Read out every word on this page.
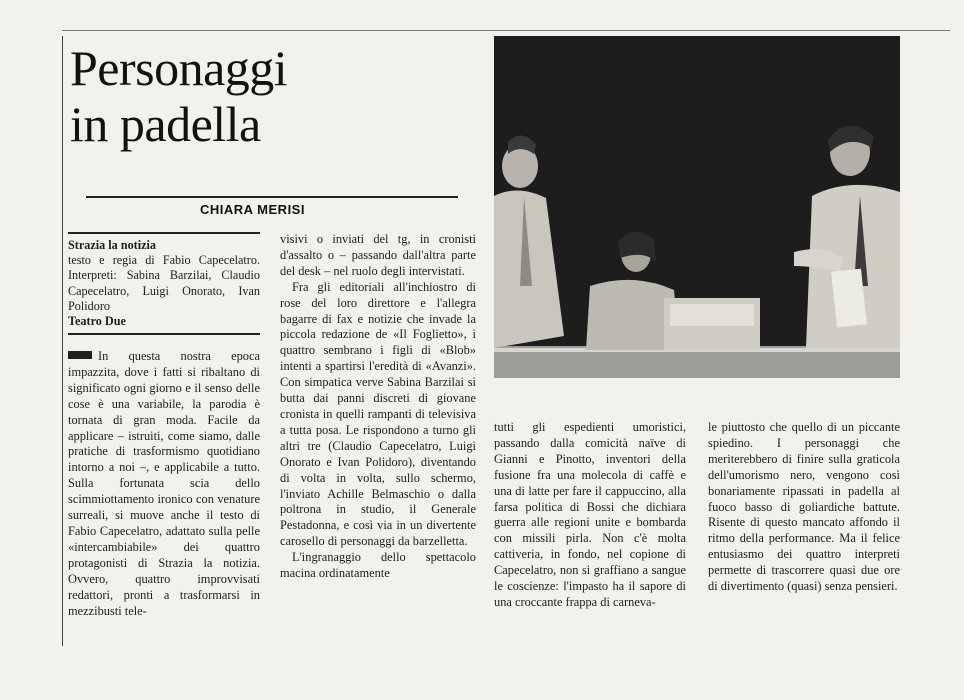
Personaggi
in padella
CHIARA MERISI
Strazia la notizia
testo e regia di Fabio Capecelatro. Interpreti: Sabina Barzilai, Claudio Capecelatro, Luigi Onorato, Ivan Polidoro
Teatro Due

In questa nostra epoca impazzita, dove i fatti si ribaltano di significato ogni giorno e il senso delle cose è una variabile, la parodia è tornata di gran moda. Facile da applicare – istruiti, come siamo, dalle pratiche di trasformismo quotidiano intorno a noi –, e applicabile a tutto. Sulla fortunata scia dello scimmiottamento ironico con venature surreali, si muove anche il testo di Fabio Capecelatro, adattato sulla pelle «intercambiabile» dei quattro protagonisti di Strazia la notizia. Ovvero, quattro improvvisati redattori, pronti a trasformarsi in mezzibusti tele-

visivi o inviati del tg, in cronisti d'assalto o – passando dall'altra parte del desk – nel ruolo degli intervistati.

Fra gli editoriali all'inchiostro di rose del loro direttore e l'allegra bagarre di fax e notizie che invade la piccola redazione de «Il Foglietto», i quattro sembrano i figli di «Blob» intenti a spartirsi l'eredità di «Avanzi». Con simpatica verve Sabina Barzilai si butta dai panni discreti di giovane cronista in quelli rampanti di televisiva a tutta posa. Le rispondono a turno gli altri tre (Claudio Capecelatro, Luigi Onorato e Ivan Polidoro), diventando di volta in volta, sullo schermo, l'inviato Achille Belmaschio o dalla poltrona in studio, il Generale Pestadonna, e così via in un divertente carosello di personaggi da barzelletta.

L'ingranaggio dello spettacolo macina ordinatamente

tutti gli espedienti umoristici, passando dalla comicità naïve di Gianni e Pinotto, inventori della fusione fra una molecola di caffè e una di latte per fare il cappuccino, alla farsa politica di Bossi che dichiara guerra alle regioni unite e bombarda con missili pirla. Non c'è molta cattiveria, in fondo, nel copione di Capecelatro, non si graffiano a sangue le coscienze: l'impasto ha il sapore di una croccante frappa di carneva-

le piuttosto che quello di un piccante spiedino. I personaggi che meriterebbero di finire sulla graticola dell'umorismo nero, vengono così bonariamente ripassati in padella al fuoco basso di goliardiche battute. Risente di questo mancato affondo il ritmo della performance. Ma il felice entusiasmo dei quattro interpreti permette di trascorrere quasi due ore di divertimento (quasi) senza pensieri.
